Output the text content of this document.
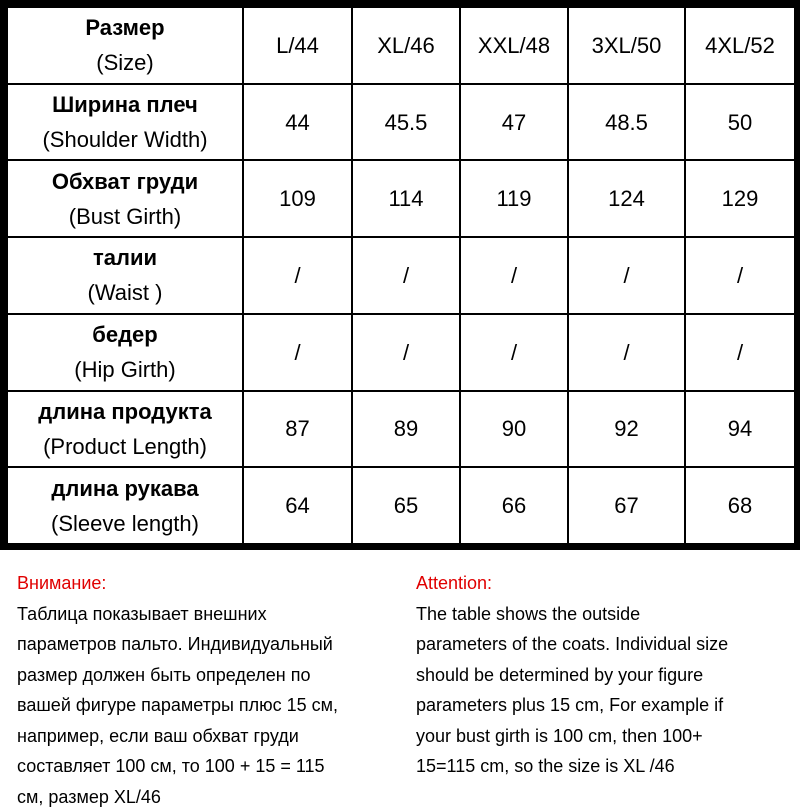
Размер
(Size)	L/44	XL/46	XXL/48	3XL/50	4XL/52

Ширина плеч
(Shoulder Width)	44	45.5	47	48.5	50

Обхват груди
(Bust Girth)	109	114	119	124	129

талии
(Waist )	/	/	/	/	/

бедер
(Hip Girth)	/	/	/	/	/

длина продукта
(Product Length)	87	89	90	92	94

длина рукава
(Sleeve length)	64	65	66	67	68
Внимание:
Таблица показывает внешних
параметров пальто. Индивидуальный
размер должен быть определен по
вашей фигуре параметры плюс 15 см,
например, если ваш обхват груди
составляет 100 см, то 100 + 15 = 115
см, размер XL/46
Attention:
The table shows the outside
parameters of the coats. Individual size
should be determined by your figure
parameters plus 15 cm, For example if
your bust girth is 100 cm, then 100+
15=115 cm, so the size is XL /46
